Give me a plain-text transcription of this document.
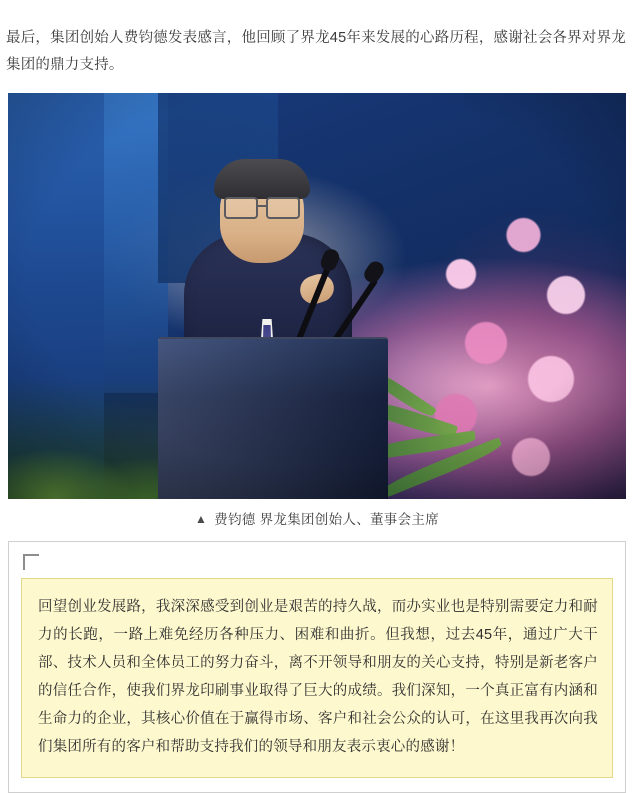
最后，集团创始人费钧德发表感言，他回顾了界龙45年来发展的心路历程，感谢社会各界对界龙集团的鼎力支持。

▲ 费钧德 界龙集团创始人、董事会主席
回望创业发展路，我深深感受到创业是艰苦的持久战，而办实业也是特别需要定力和耐力的长跑，一路上难免经历各种压力、困难和曲折。但我想，过去45年，通过广大干部、技术人员和全体员工的努力奋斗，离不开领导和朋友的关心支持，特别是新老客户的信任合作，使我们界龙印刷事业取得了巨大的成绩。我们深知，一个真正富有内涵和生命力的企业，其核心价值在于赢得市场、客户和社会公众的认可，在这里我再次向我们集团所有的客户和帮助支持我们的领导和朋友表示衷心的感谢！
